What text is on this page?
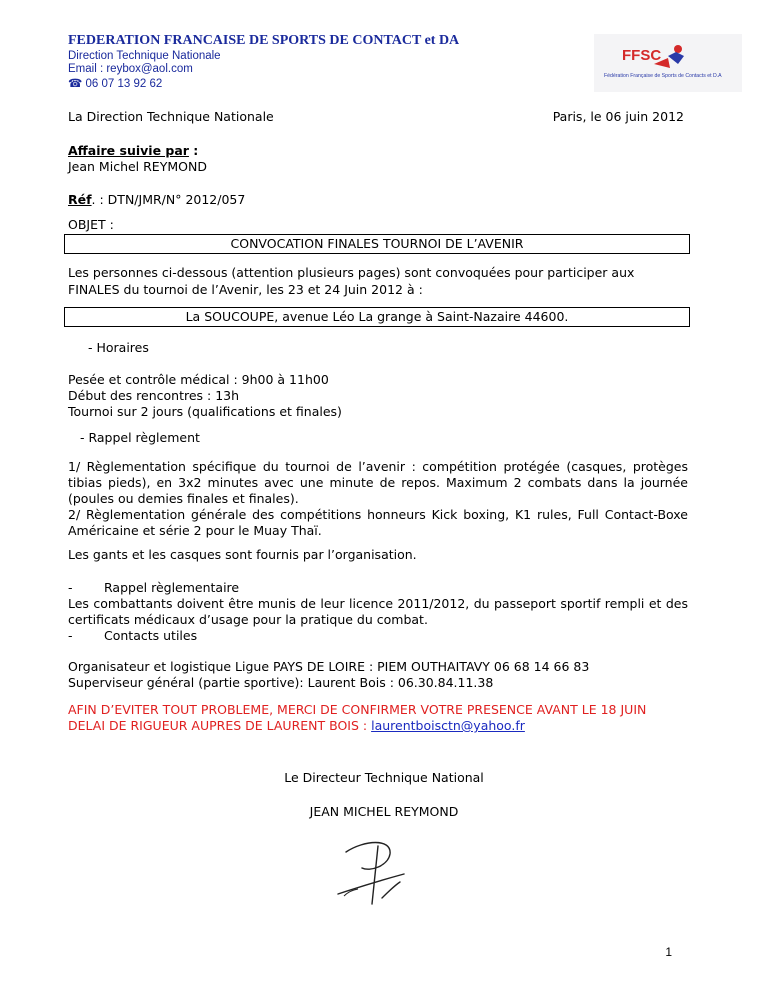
FEDERATION FRANCAISE DE SPORTS DE CONTACT et DA
Direction Technique Nationale
Email : reybox@aol.com
☎ 06 07 13 92 62
FFSC
Fédération Française de Sports de Contacts et D.A
La Direction Technique Nationale	Paris, le 06 juin 2012
Affaire suivie par :
Jean Michel REYMOND
Réf. : DTN/JMR/N° 2012/057
OBJET :
CONVOCATION FINALES TOURNOI DE L’AVENIR
Les personnes ci-dessous (attention plusieurs pages) sont convoquées pour participer aux
FINALES du tournoi de l’Avenir, les 23 et 24 Juin 2012 à :
La SOUCOUPE, avenue Léo La grange à Saint-Nazaire 44600.
- Horaires
Pesée et contrôle médical : 9h00 à 11h00
Début des rencontres : 13h
Tournoi sur 2 jours (qualifications et finales)
- Rappel règlement
1/ Règlementation spécifique du tournoi de l’avenir : compétition protégée (casques, protèges tibias pieds), en 3x2 minutes avec une minute de repos. Maximum 2 combats dans la journée (poules ou demies finales et finales).
2/ Règlementation générale des compétitions honneurs Kick boxing, K1 rules, Full Contact-Boxe Américaine et série 2 pour le Muay Thaï.
Les gants et les casques sont fournis par l’organisation.
-	Rappel règlementaire
Les combattants doivent être munis de leur licence 2011/2012, du passeport sportif rempli et des certificats médicaux d’usage pour la pratique du combat.
-	Contacts utiles
Organisateur et logistique Ligue PAYS DE LOIRE : PIEM OUTHAITAVY 06 68 14 66 83
Superviseur général (partie sportive): Laurent Bois : 06.30.84.11.38
AFIN D’EVITER TOUT PROBLEME, MERCI DE CONFIRMER VOTRE PRESENCE AVANT LE 18 JUIN
DELAI DE RIGUEUR AUPRES DE LAURENT BOIS : laurentboisctn@yahoo.fr
Le Directeur Technique National
JEAN MICHEL REYMOND
1
